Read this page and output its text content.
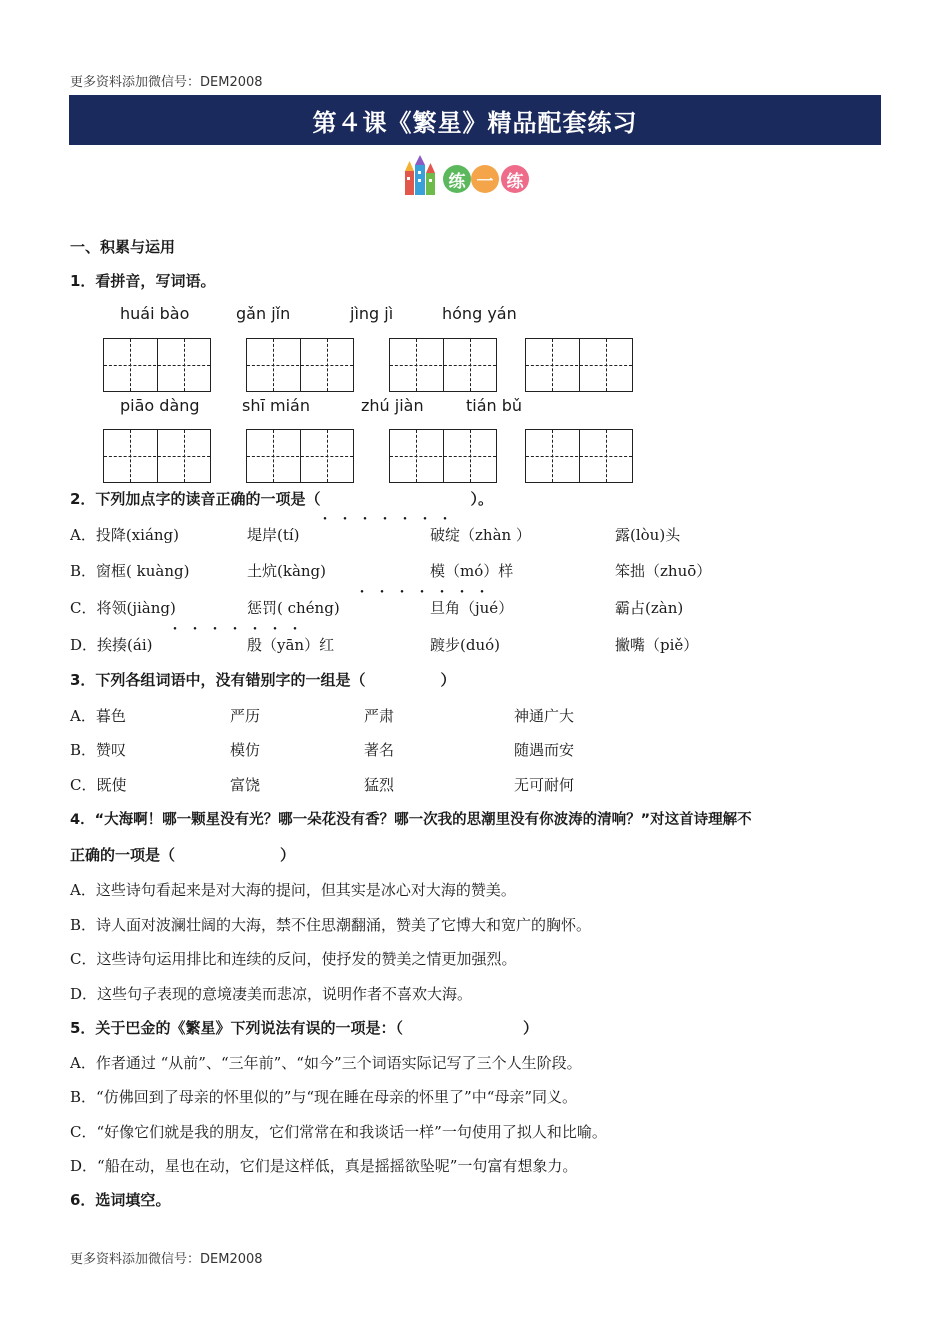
更多资料添加微信号：DEM2008
第４课《繁星》精品配套练习
练 一 练
一、积累与运用
1．看拼音，写词语。
huái bào	gǎn jǐn	jìng jì	hóng yán
piāo dàng	shī mián	zhú jiàn	tián bǔ
2．下列加点字的读音正确的一项是（　　　　　　　　　　）。
・・・・・・・
A．投降(xiáng)	堤岸(tí)	破绽（zhàn ）	露(lòu)头
B．窗框( kuàng)	土炕(kàng)	模（mó）样	笨拙（zhuō）
・・・・・・・
C．将领(jiàng)	惩罚( chéng)	旦角（jué）	霸占(zàn)
・・・・・・・
D．挨揍(ái)	殷（yān）红	踱步(duó)	撇嘴（piě）
3．下列各组词语中，没有错别字的一组是（　　　　　）
A．暮色	严历	严肃	神通广大
B．赞叹	模仿	著名	随遇而安
C．既使	富饶	猛烈	无可耐何
4．“大海啊！哪一颗星没有光？哪一朵花没有香？哪一次我的思潮里没有你波涛的清响？”对这首诗理解不
正确的一项是（　　　　　　　）
A．这些诗句看起来是对大海的提问，但其实是冰心对大海的赞美。
B．诗人面对波澜壮阔的大海，禁不住思潮翻涌，赞美了它博大和宽广的胸怀。
C．这些诗句运用排比和连续的反问，使抒发的赞美之情更加强烈。
D．这些句子表现的意境凄美而悲凉，说明作者不喜欢大海。
5．关于巴金的《繁星》下列说法有误的一项是：（　　　　　　　　）
A．作者通过 “从前”、“三年前”、“如今”三个词语实际记写了三个人生阶段。
B．“仿佛回到了母亲的怀里似的”与“现在睡在母亲的怀里了”中“母亲”同义。
C．“好像它们就是我的朋友，它们常常在和我谈话一样”一句使用了拟人和比喻。
D．“船在动，星也在动，它们是这样低，真是摇摇欲坠呢”一句富有想象力。
6．选词填空。
更多资料添加微信号：DEM2008
